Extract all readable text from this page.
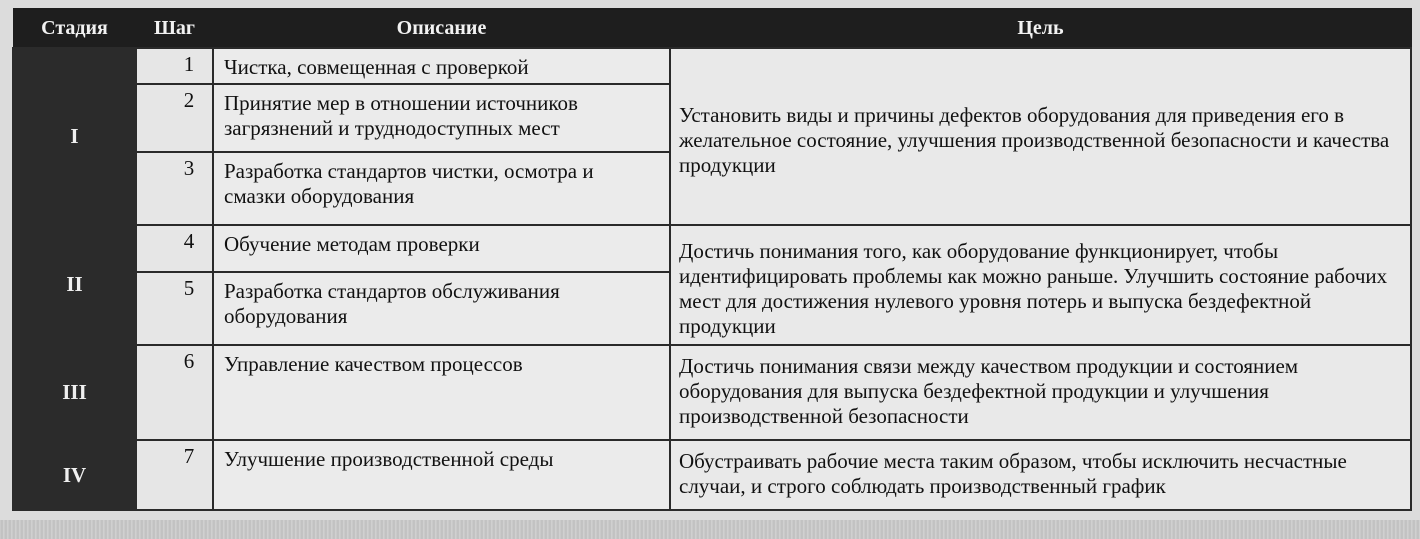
Стадия	Шаг	Описание	Цель
I	1	Чистка, совмещенная с проверкой	Установить виды и причины дефектов оборудования для приведения его в желательное состояние, улучшения производственной безопасности и качества продукции
	2	Принятие мер в отношении источников загрязнений и труднодоступных мест	
	3	Разработка стандартов чистки, осмотра и смазки оборудования	
II	4	Обучение методам проверки	Достичь понимания того, как оборудование функционирует, чтобы идентифицировать проблемы как можно раньше. Улучшить состояние рабочих мест для достижения нулевого уровня потерь и выпуска бездефектной продукции
	5	Разработка стандартов обслуживания оборудования	
III	6	Управление качеством процессов	Достичь понимания связи между качеством продукции и состоянием оборудования для выпуска бездефектной продукции и улучшения производственной безопасности
IV	7	Улучшение производственной среды	Обустраивать рабочие места таким образом, чтобы исключить несчастные случаи, и строго соблюдать производственный график
